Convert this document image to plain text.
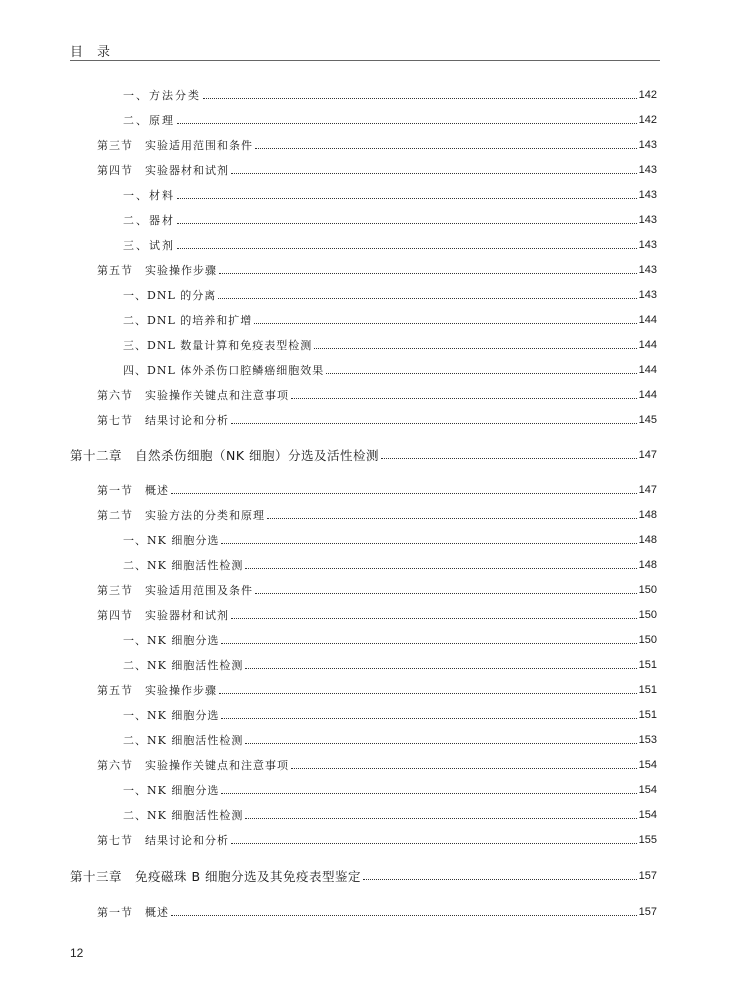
目录
一、方法分类	142
二、原理	142
第三节　实验适用范围和条件	143
第四节　实验器材和试剂	143
一、材料	143
二、器材	143
三、试剂	143
第五节　实验操作步骤	143
一、DNL 的分离	143
二、DNL 的培养和扩增	144
三、DNL 数量计算和免疫表型检测	144
四、DNL 体外杀伤口腔鳞癌细胞效果	144
第六节　实验操作关键点和注意事项	144
第七节　结果讨论和分析	145
第十二章　自然杀伤细胞（NK 细胞）分选及活性检测	147
第一节　概述	147
第二节　实验方法的分类和原理	148
一、NK 细胞分选	148
二、NK 细胞活性检测	148
第三节　实验适用范围及条件	150
第四节　实验器材和试剂	150
一、NK 细胞分选	150
二、NK 细胞活性检测	151
第五节　实验操作步骤	151
一、NK 细胞分选	151
二、NK 细胞活性检测	153
第六节　实验操作关键点和注意事项	154
一、NK 细胞分选	154
二、NK 细胞活性检测	154
第七节　结果讨论和分析	155
第十三章　免疫磁珠 B 细胞分选及其免疫表型鉴定	157
第一节　概述	157
12
